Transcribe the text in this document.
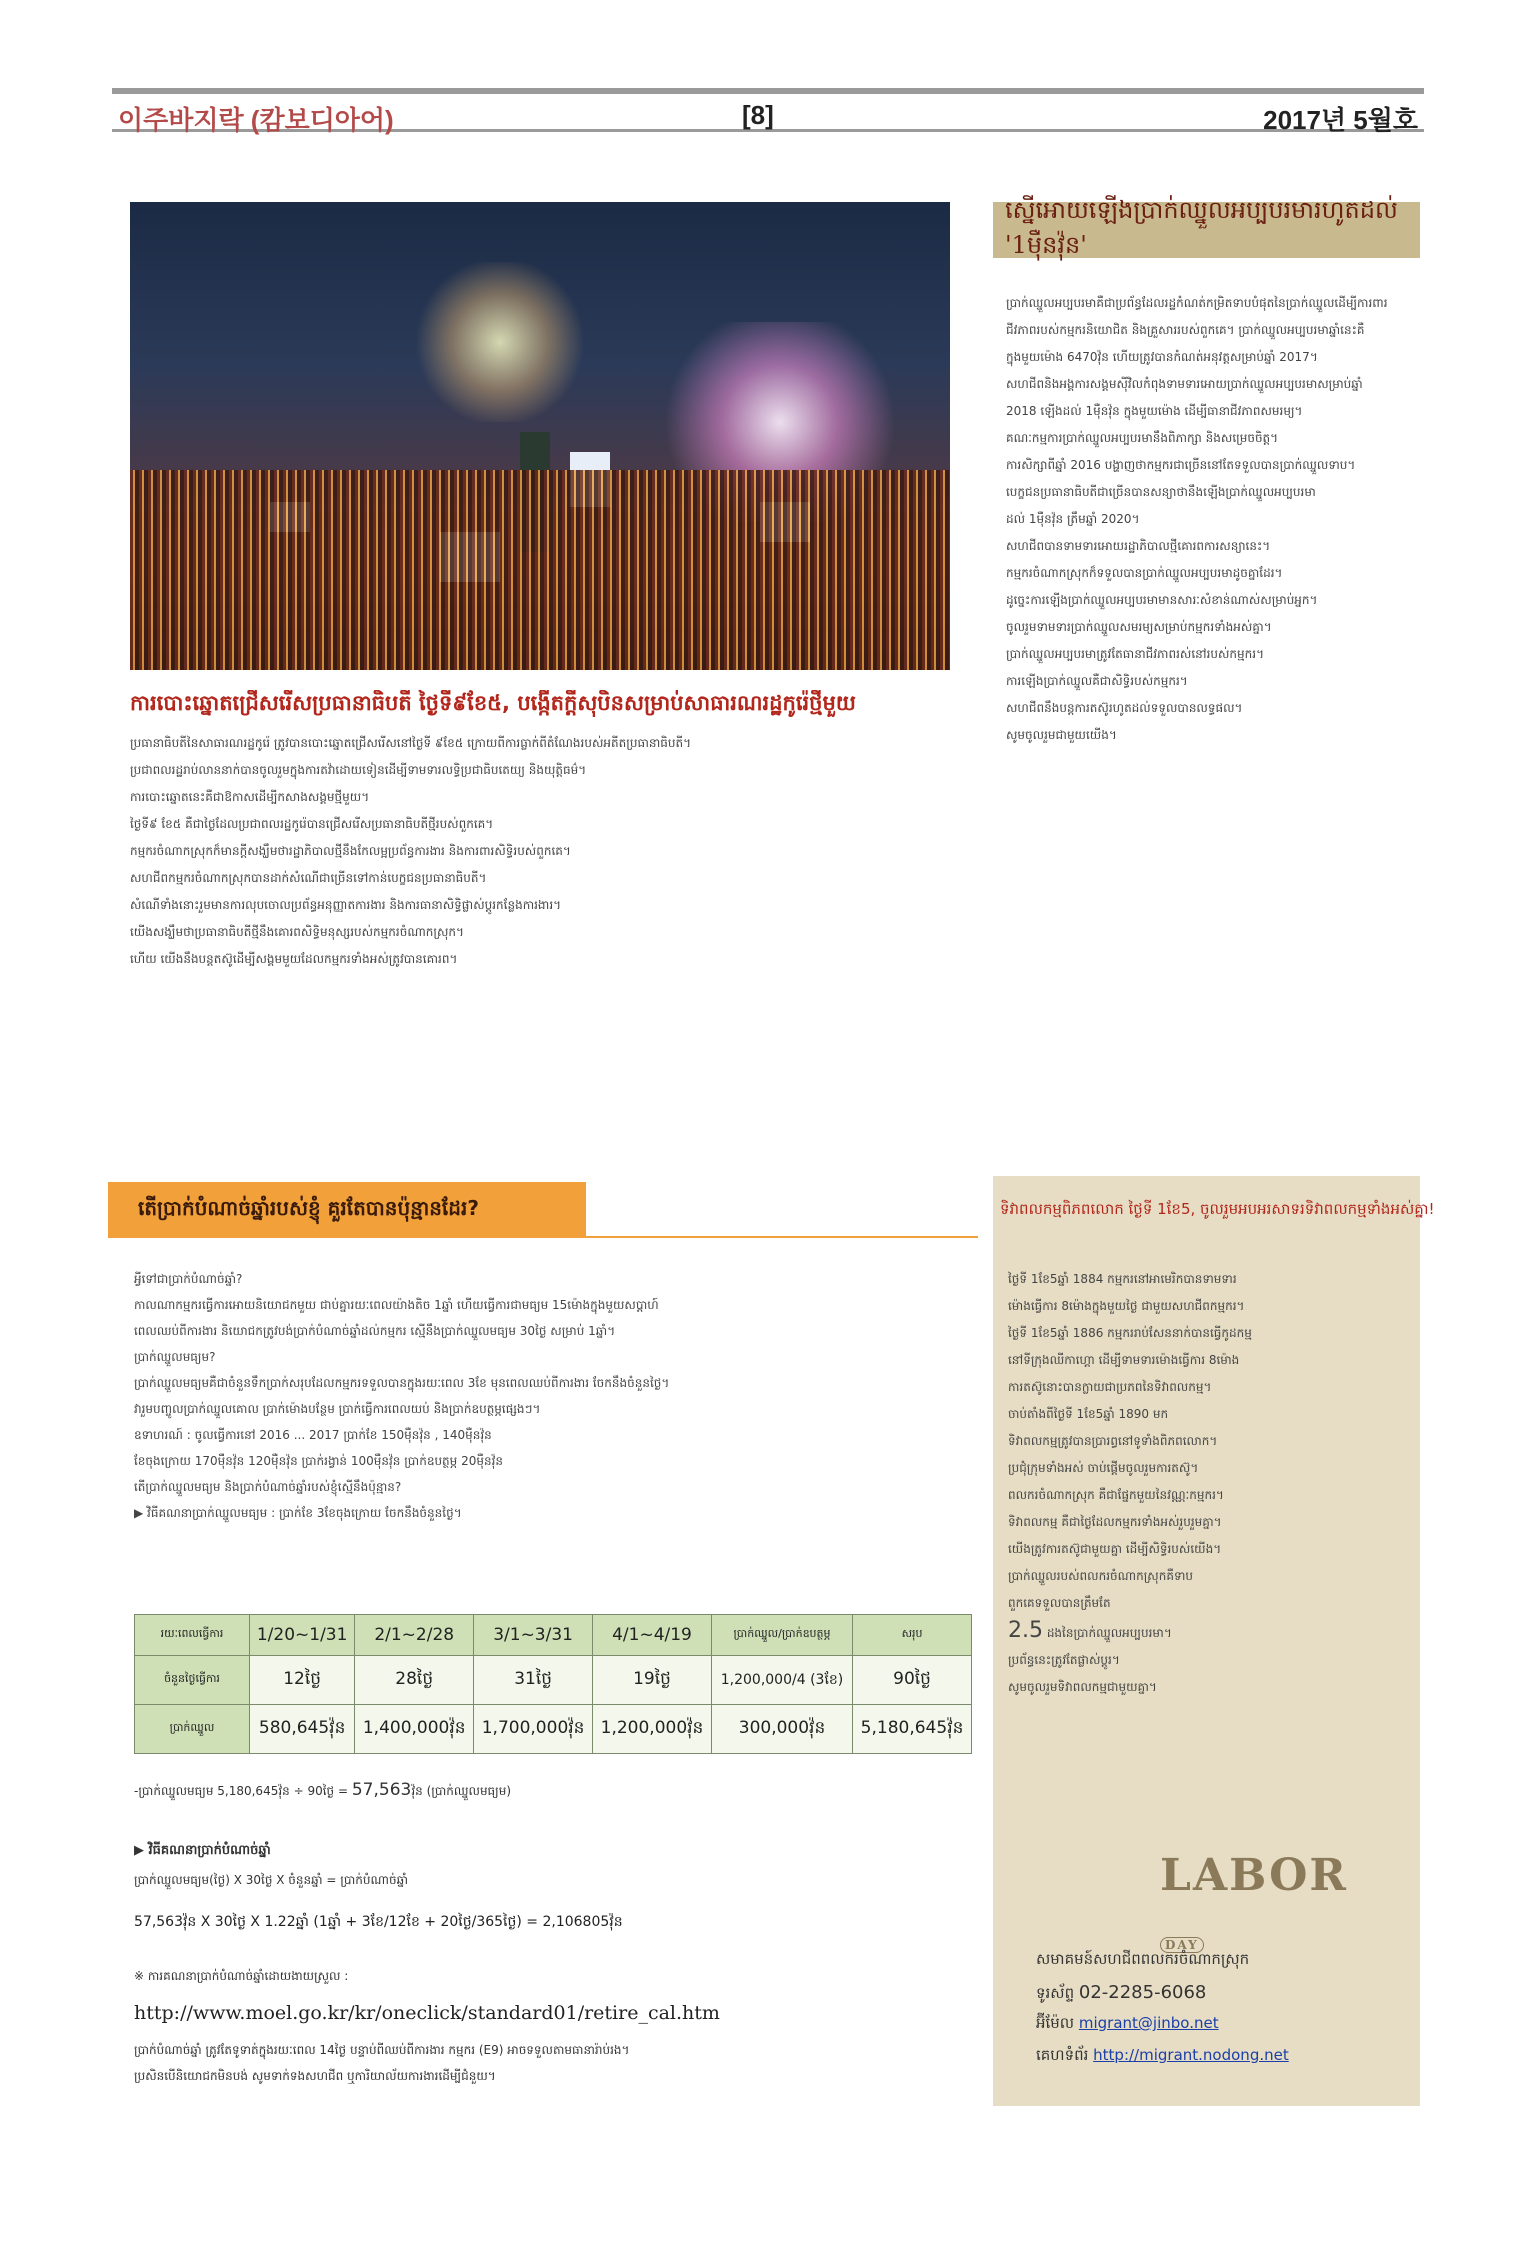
이주바지락 (캄보디아어)	[8]	2017년 5월호
ស្នើអោយឡើងប្រាក់ឈ្នួលអប្បបរមារហូតដល់ '1ម៉ឺនវ៉ុន'
ប្រាក់ឈ្នួលអប្បបរមាគឺជាប្រព័ន្ធដែលរដ្ឋកំណត់កម្រិតទាបបំផុតនៃប្រាក់ឈ្នួលដើម្បីការពារ
ជីវភាពរបស់កម្មករនិយោជិត និងគ្រួសាររបស់ពួកគេ។ ប្រាក់ឈ្នួលអប្បបរមាឆ្នាំនេះគឺ
ក្នុងមួយម៉ោង 6470វ៉ុន ហើយត្រូវបានកំណត់អនុវត្តសម្រាប់ឆ្នាំ 2017។
សហជីពនិងអង្គការសង្គមស៊ីវិលកំពុងទាមទារអោយប្រាក់ឈ្នួលអប្បបរមាសម្រាប់ឆ្នាំ
2018 ឡើងដល់ 1ម៉ឺនវ៉ុន ក្នុងមួយម៉ោង ដើម្បីធានាជីវភាពសមរម្យ។
គណៈកម្មការប្រាក់ឈ្នួលអប្បបរមានឹងពិភាក្សា និងសម្រេចចិត្ត។
ការសិក្សាពីឆ្នាំ 2016 បង្ហាញថាកម្មករជាច្រើននៅតែទទួលបានប្រាក់ឈ្នួលទាប។
បេក្ខជនប្រធានាធិបតីជាច្រើនបានសន្យាថានឹងឡើងប្រាក់ឈ្នួលអប្បបរមា
ដល់ 1ម៉ឺនវ៉ុន ត្រឹមឆ្នាំ 2020។
សហជីពបានទាមទារអោយរដ្ឋាភិបាលថ្មីគោរពការសន្យានេះ។
កម្មករចំណាកស្រុកក៏ទទួលបានប្រាក់ឈ្នួលអប្បបរមាដូចគ្នាដែរ។
ដូច្នេះការឡើងប្រាក់ឈ្នួលអប្បបរមាមានសារៈសំខាន់ណាស់សម្រាប់អ្នក។
ចូលរួមទាមទារប្រាក់ឈ្នួលសមរម្យសម្រាប់កម្មករទាំងអស់គ្នា។
ប្រាក់ឈ្នួលអប្បបរមាត្រូវតែធានាជីវភាពរស់នៅរបស់កម្មករ។
ការឡើងប្រាក់ឈ្នួលគឺជាសិទ្ធិរបស់កម្មករ។
សហជីពនឹងបន្តការតស៊ូរហូតដល់ទទួលបានលទ្ធផល។
សូមចូលរួមជាមួយយើង។
ការបោះឆ្នោតជ្រើសរើសប្រធានាធិបតី ថ្ងៃទី៩ខែ៥, បង្កើតក្តីសុបិនសម្រាប់សាធារណរដ្ឋកូរ៉េថ្មីមួយ
ប្រធានាធិបតីនៃសាធារណរដ្ឋកូរ៉េ ត្រូវបានបោះឆ្នោតជ្រើសរើសនៅថ្ងៃទី ៩ខែ៥ ក្រោយពីការធ្លាក់ពីតំណែងរបស់អតីតប្រធានាធិបតី។
ប្រជាពលរដ្ឋរាប់លាននាក់បានចូលរួមក្នុងការតវ៉ាដោយទៀនដើម្បីទាមទារលទ្ធិប្រជាធិបតេយ្យ និងយុត្តិធម៌។
ការបោះឆ្នោតនេះគឺជាឱកាសដើម្បីកសាងសង្គមថ្មីមួយ។
ថ្ងៃទី៩ ខែ៥ គឺជាថ្ងៃដែលប្រជាពលរដ្ឋកូរ៉េបានជ្រើសរើសប្រធានាធិបតីថ្មីរបស់ពួកគេ។
កម្មករចំណាកស្រុកក៏មានក្តីសង្ឃឹមថារដ្ឋាភិបាលថ្មីនឹងកែលម្អប្រព័ន្ធការងារ និងការពារសិទ្ធិរបស់ពួកគេ។
សហជីពកម្មករចំណាកស្រុកបានដាក់សំណើជាច្រើនទៅកាន់បេក្ខជនប្រធានាធិបតី។
សំណើទាំងនោះរួមមានការលុបចោលប្រព័ន្ធអនុញ្ញាតការងារ និងការធានាសិទ្ធិផ្លាស់ប្តូរកន្លែងការងារ។
យើងសង្ឃឹមថាប្រធានាធិបតីថ្មីនឹងគោរពសិទ្ធិមនុស្សរបស់កម្មករចំណាកស្រុក។
ហើយ យើងនឹងបន្តតស៊ូដើម្បីសង្គមមួយដែលកម្មករទាំងអស់ត្រូវបានគោរព។
តើប្រាក់បំណាច់ឆ្នាំរបស់ខ្ញុំ គួរតែបានប៉ុន្មានដែរ?
អ្វីទៅជាប្រាក់បំណាច់ឆ្នាំ?
កាលណាកម្មករធ្វើការអោយនិយោជកមួយ ជាប់គ្នារយៈពេលយ៉ាងតិច 1ឆ្នាំ ហើយធ្វើការជាមធ្យម 15ម៉ោងក្នុងមួយសប្តាហ៍
ពេលឈប់ពីការងារ និយោជកត្រូវបង់ប្រាក់បំណាច់ឆ្នាំដល់កម្មករ ស្មើនឹងប្រាក់ឈ្នួលមធ្យម 30ថ្ងៃ សម្រាប់ 1ឆ្នាំ។
ប្រាក់ឈ្នួលមធ្យម?
ប្រាក់ឈ្នួលមធ្យមគឺជាចំនួនទឹកប្រាក់សរុបដែលកម្មករទទួលបានក្នុងរយៈពេល 3ខែ មុនពេលឈប់ពីការងារ ចែកនឹងចំនួនថ្ងៃ។
វារួមបញ្ចូលប្រាក់ឈ្នួលគោល ប្រាក់ម៉ោងបន្ថែម ប្រាក់ធ្វើការពេលយប់ និងប្រាក់ឧបត្ថម្ភផ្សេងៗ។
ឧទាហរណ៍ : ចូលធ្វើការនៅ 2016 ... 2017 ប្រាក់ខែ 150ម៉ឺនវ៉ុន , 140ម៉ឺនវ៉ុន
ខែចុងក្រោយ 170ម៉ឺនវ៉ុន 120ម៉ឺនវ៉ុន ប្រាក់រង្វាន់ 100ម៉ឺនវ៉ុន ប្រាក់ឧបត្ថម្ភ 20ម៉ឺនវ៉ុន
តើប្រាក់ឈ្នួលមធ្យម និងប្រាក់បំណាច់ឆ្នាំរបស់ខ្ញុំស្មើនឹងប៉ុន្មាន?
▶ វិធីគណនាប្រាក់ឈ្នួលមធ្យម : ប្រាក់ខែ 3ខែចុងក្រោយ ចែកនឹងចំនួនថ្ងៃ។
រយៈពេលធ្វើការ	1/20~1/31	2/1~2/28	3/1~3/31	4/1~4/19	ប្រាក់ឈ្នួល/ប្រាក់ឧបត្ថម្ភ	សរុប
ចំនួនថ្ងៃធ្វើការ	12ថ្ងៃ	28ថ្ងៃ	31ថ្ងៃ	19ថ្ងៃ	1,200,000/4 (3ខែ)	90ថ្ងៃ
ប្រាក់ឈ្នួល	580,645វ៉ុន	1,400,000វ៉ុន	1,700,000វ៉ុន	1,200,000វ៉ុន	300,000វ៉ុន	5,180,645វ៉ុន
-ប្រាក់ឈ្នួលមធ្យម 5,180,645វ៉ុន ÷ 90ថ្ងៃ = 57,563វ៉ុន (ប្រាក់ឈ្នួលមធ្យម)
▶ វិធីគណនាប្រាក់បំណាច់ឆ្នាំ
ប្រាក់ឈ្នួលមធ្យម(ថ្ងៃ) X 30ថ្ងៃ X ចំនួនឆ្នាំ = ប្រាក់បំណាច់ឆ្នាំ
57,563វ៉ុន X 30ថ្ងៃ X 1.22ឆ្នាំ (1ឆ្នាំ + 3ខែ/12ខែ + 20ថ្ងៃ/365ថ្ងៃ) = 2,106805វ៉ុន
※ ការគណនាប្រាក់បំណាច់ឆ្នាំដោយងាយស្រួល :
http://www.moel.go.kr/kr/oneclick/standard01/retire_cal.htm
ប្រាក់បំណាច់ឆ្នាំ ត្រូវតែទូទាត់ក្នុងរយៈពេល 14ថ្ងៃ បន្ទាប់ពីឈប់ពីការងារ កម្មករ (E9) អាចទទួលតាមធានារ៉ាប់រង។
ប្រសិនបើនិយោជកមិនបង់ សូមទាក់ទងសហជីព ឬការិយាល័យការងារដើម្បីជំនួយ។
ទិវាពលកម្មពិភពលោក ថ្ងៃទី 1ខែ5, ចូលរួមអបអរសាទរទិវាពលកម្មទាំងអស់គ្នា!
ថ្ងៃទី 1ខែ5ឆ្នាំ 1884 កម្មករនៅអាមេរិកបានទាមទារ
ម៉ោងធ្វើការ 8ម៉ោងក្នុងមួយថ្ងៃ ជាមួយសហជីពកម្មករ។
ថ្ងៃទី 1ខែ5ឆ្នាំ 1886 កម្មកររាប់សែននាក់បានធ្វើកូដកម្ម
នៅទីក្រុងឈីកាហ្គោ ដើម្បីទាមទារម៉ោងធ្វើការ 8ម៉ោង
ការតស៊ូនោះបានក្លាយជាប្រភពនៃទិវាពលកម្ម។
ចាប់តាំងពីថ្ងៃទី 1ខែ5ឆ្នាំ 1890 មក
ទិវាពលកម្មត្រូវបានប្រារព្ធនៅទូទាំងពិភពលោក។
ប្រជុំក្រុមទាំងអស់ ចាប់ផ្តើមចូលរួមការតស៊ូ។
ពលករចំណាកស្រុក គឺជាផ្នែកមួយនៃវណ្ណៈកម្មករ។
ទិវាពលកម្ម គឺជាថ្ងៃដែលកម្មករទាំងអស់រួបរួមគ្នា។
យើងត្រូវការតស៊ូជាមួយគ្នា ដើម្បីសិទ្ធិរបស់យើង។
ប្រាក់ឈ្នួលរបស់ពលករចំណាកស្រុកគឺទាប
ពួកគេទទួលបានត្រឹមតែ
2.5 ដងនៃប្រាក់ឈ្នួលអប្បបរមា។
ប្រព័ន្ធនេះត្រូវតែផ្លាស់ប្តូរ។
សូមចូលរួមទិវាពលកម្មជាមួយគ្នា។
LABOR DAY
សមាគមន៍សហជីពពលករចំណាកស្រុក
ទូរស័ព្ទ 02-2285-6068
អ៊ីម៉ែល migrant@jinbo.net
គេហទំព័រ http://migrant.nodong.net
